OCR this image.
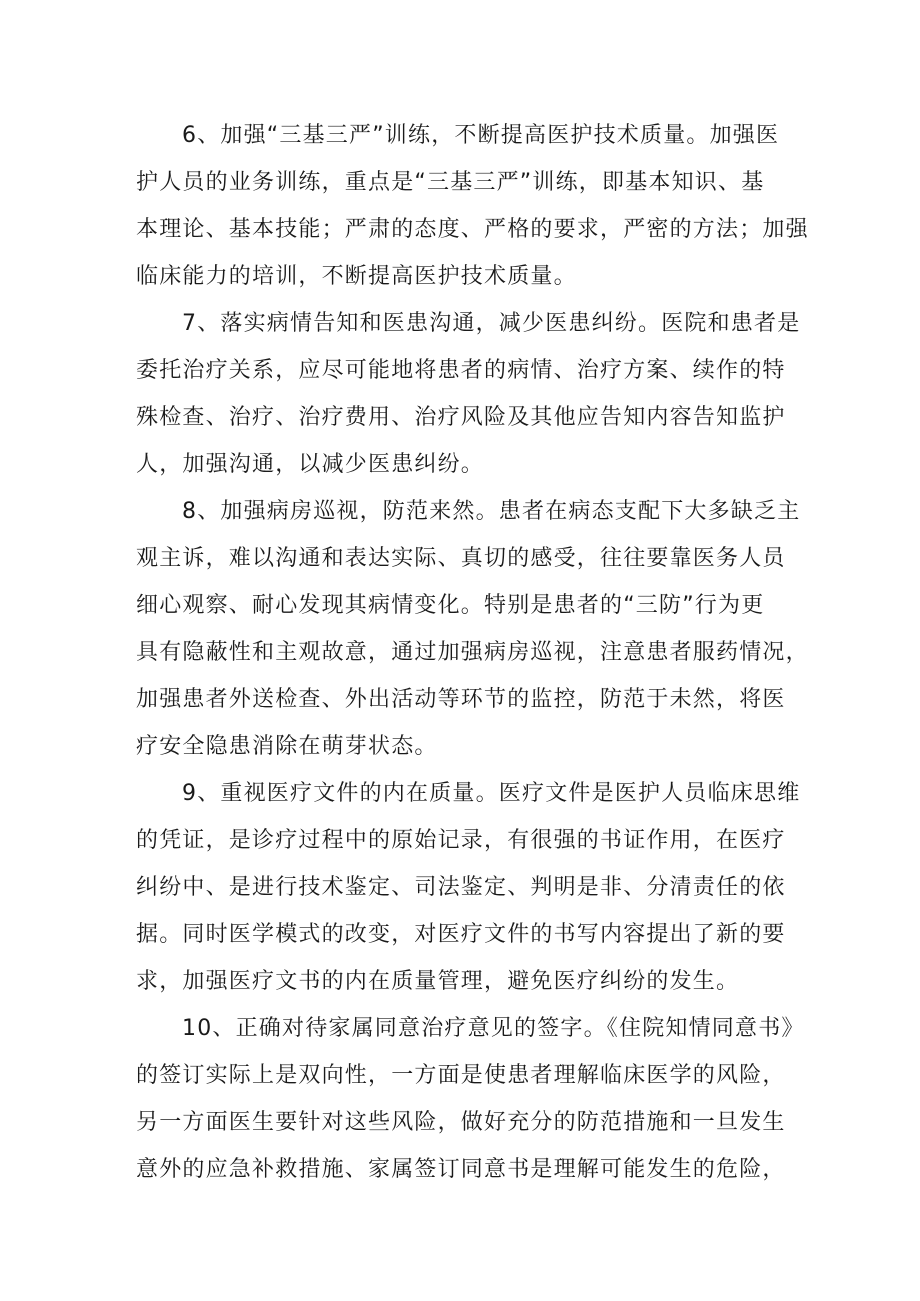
6、加强“三基三严”训练，不断提高医护技术质量。加强医
护人员的业务训练，重点是“三基三严”训练，即基本知识、基
本理论、基本技能；严肃的态度、严格的要求，严密的方法；加强
临床能力的培训，不断提高医护技术质量。
7、落实病情告知和医患沟通，减少医患纠纷。医院和患者是
委托治疗关系，应尽可能地将患者的病情、治疗方案、续作的特
殊检查、治疗、治疗费用、治疗风险及其他应告知内容告知监护
人，加强沟通，以减少医患纠纷。
8、加强病房巡视，防范来然。患者在病态支配下大多缺乏主
观主诉，难以沟通和表达实际、真切的感受，往往要靠医务人员
细心观察、耐心发现其病情变化。特别是患者的“三防”行为更
具有隐蔽性和主观故意，通过加强病房巡视，注意患者服药情况，
加强患者外送检查、外出活动等环节的监控，防范于未然，将医
疗安全隐患消除在萌芽状态。
9、重视医疗文件的内在质量。医疗文件是医护人员临床思维
的凭证，是诊疗过程中的原始记录，有很强的书证作用，在医疗
纠纷中、是进行技术鉴定、司法鉴定、判明是非、分清责任的依
据。同时医学模式的改变，对医疗文件的书写内容提出了新的要
求，加强医疗文书的内在质量管理，避免医疗纠纷的发生。
10、正确对待家属同意治疗意见的签字。《住院知情同意书》
的签订实际上是双向性，一方面是使患者理解临床医学的风险，
另一方面医生要针对这些风险，做好充分的防范措施和一旦发生
意外的应急补救措施、家属签订同意书是理解可能发生的危险，
